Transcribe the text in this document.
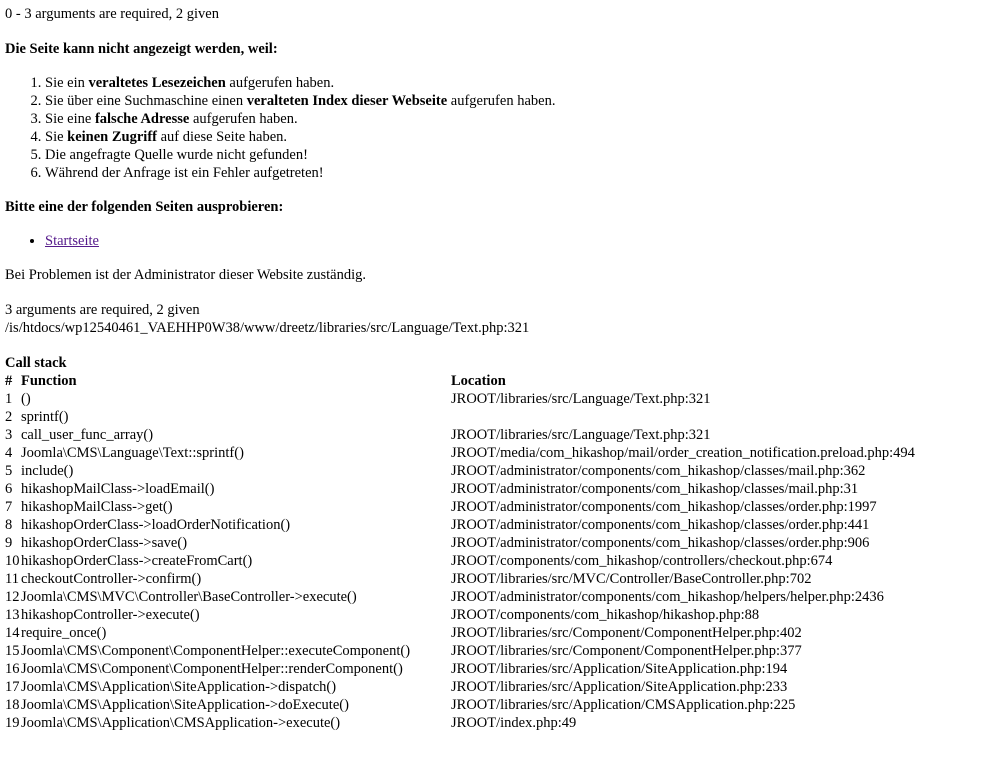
0 - 3 arguments are required, 2 given

Die Seite kann nicht angezeigt werden, weil:

1. Sie ein veraltetes Lesezeichen aufgerufen haben.
2. Sie über eine Suchmaschine einen veralteten Index dieser Webseite aufgerufen haben.
3. Sie eine falsche Adresse aufgerufen haben.
4. Sie keinen Zugriff auf diese Seite haben.
5. Die angefragte Quelle wurde nicht gefunden!
6. Während der Anfrage ist ein Fehler aufgetreten!

Bitte eine der folgenden Seiten ausprobieren:

• Startseite

Bei Problemen ist der Administrator dieser Website zuständig.

3 arguments are required, 2 given

/is/htdocs/wp12540461_VAEHHP0W38/www/dreetz/libraries/src/Language/Text.php:321

Call stack
#	Function	Location
1	()	JROOT/libraries/src/Language/Text.php:321
2	sprintf()	
3	call_user_func_array()	JROOT/libraries/src/Language/Text.php:321
4	Joomla\CMS\Language\Text::sprintf()	JROOT/media/com_hikashop/mail/order_creation_notification.preload.php:494
5	include()	JROOT/administrator/components/com_hikashop/classes/mail.php:362
6	hikashopMailClass->loadEmail()	JROOT/administrator/components/com_hikashop/classes/mail.php:31
7	hikashopMailClass->get()	JROOT/administrator/components/com_hikashop/classes/order.php:1997
8	hikashopOrderClass->loadOrderNotification()	JROOT/administrator/components/com_hikashop/classes/order.php:441
9	hikashopOrderClass->save()	JROOT/administrator/components/com_hikashop/classes/order.php:906
10	hikashopOrderClass->createFromCart()	JROOT/components/com_hikashop/controllers/checkout.php:674
11	checkoutController->confirm()	JROOT/libraries/src/MVC/Controller/BaseController.php:702
12	Joomla\CMS\MVC\Controller\BaseController->execute()	JROOT/administrator/components/com_hikashop/helpers/helper.php:2436
13	hikashopController->execute()	JROOT/components/com_hikashop/hikashop.php:88
14	require_once()	JROOT/libraries/src/Component/ComponentHelper.php:402
15	Joomla\CMS\Component\ComponentHelper::executeComponent()	JROOT/libraries/src/Component/ComponentHelper.php:377
16	Joomla\CMS\Component\ComponentHelper::renderComponent()	JROOT/libraries/src/Application/SiteApplication.php:194
17	Joomla\CMS\Application\SiteApplication->dispatch()	JROOT/libraries/src/Application/SiteApplication.php:233
18	Joomla\CMS\Application\SiteApplication->doExecute()	JROOT/libraries/src/Application/CMSApplication.php:225
19	Joomla\CMS\Application\CMSApplication->execute()	JROOT/index.php:49
